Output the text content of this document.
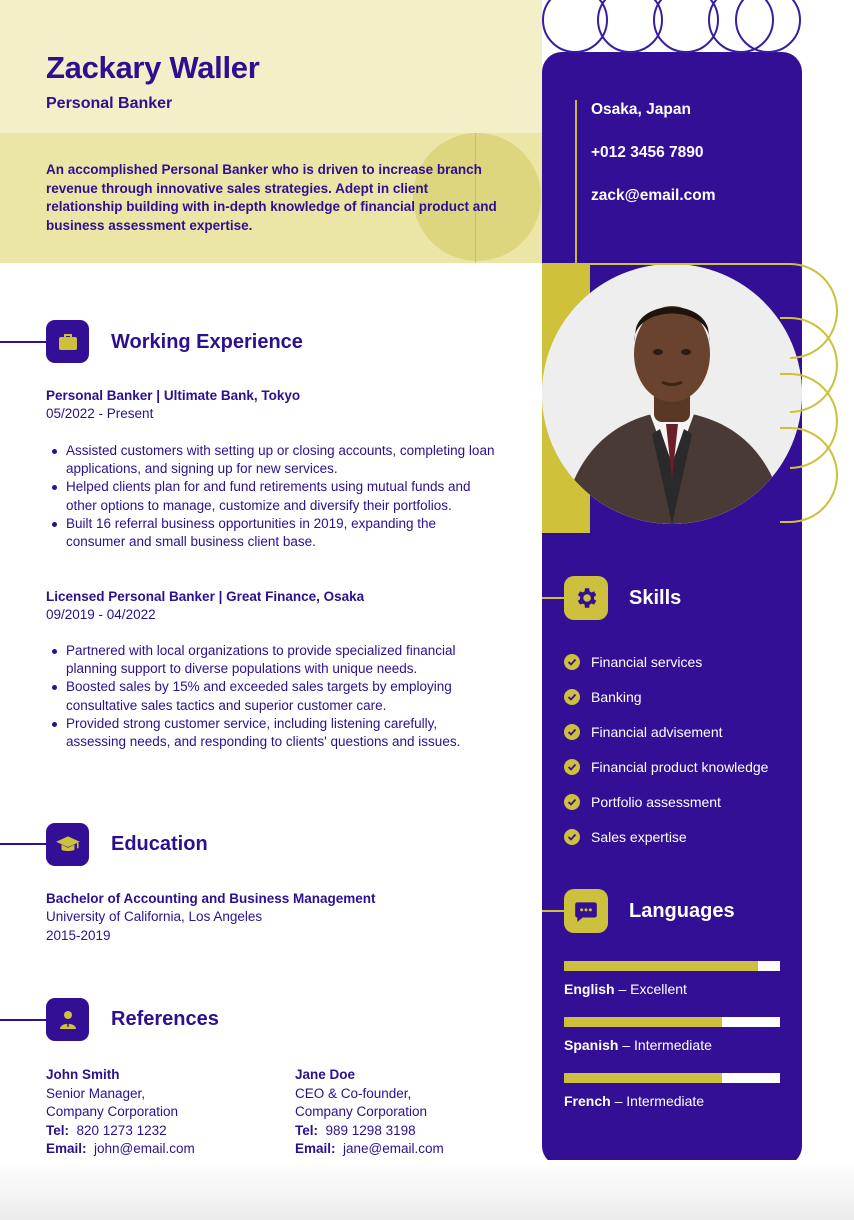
Zackary Waller
Personal Banker
An accomplished Personal Banker who is driven to increase branch revenue through innovative sales strategies. Adept in client relationship building with in-depth knowledge of financial product and business assessment expertise.
Osaka, Japan
+012 3456 7890
zack@email.com
Skills
Financial services
Banking
Financial advisement
Financial product knowledge
Portfolio assessment
Sales expertise
Languages
English – Excellent
Spanish – Intermediate
French – Intermediate
Working Experience
Personal Banker | Ultimate Bank, Tokyo
05/2022 - Present
Assisted customers with setting up or closing accounts, completing loan applications, and signing up for new services.
Helped clients plan for and fund retirements using mutual funds and other options to manage, customize and diversify their portfolios.
Built 16 referral business opportunities in 2019, expanding the consumer and small business client base.
Licensed Personal Banker | Great Finance, Osaka
09/2019 - 04/2022
Partnered with local organizations to provide specialized financial planning support to diverse populations with unique needs.
Boosted sales by 15% and exceeded sales targets by employing consultative sales tactics and superior customer care.
Provided strong customer service, including listening carefully, assessing needs, and responding to clients' questions and issues.
Education
Bachelor of Accounting and Business Management
University of California, Los Angeles
2015-2019
References
John Smith
Senior Manager,
Company Corporation
Tel: 820 1273 1232
Email: john@email.com
Jane Doe
CEO & Co-founder,
Company Corporation
Tel: 989 1298 3198
Email: jane@email.com
